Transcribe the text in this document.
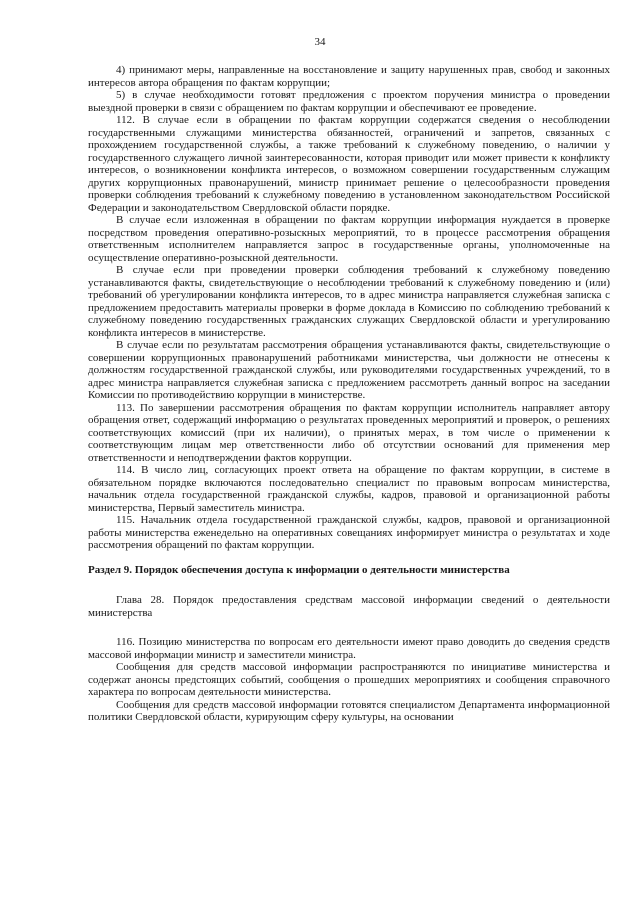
34

4) принимают меры, направленные на восстановление и защиту нарушенных прав, свобод и законных интересов автора обращения по фактам коррупции;

5) в случае необходимости готовят предложения с проектом поручения министра о проведении выездной проверки в связи с обращением по фактам коррупции и обеспечивают ее проведение.

112. В случае если в обращении по фактам коррупции содержатся сведения о несоблюдении государственными служащими министерства обязанностей, ограничений и запретов, связанных с прохождением государственной службы, а также требований к служебному поведению, о наличии у государственного служащего личной заинтересованности, которая приводит или может привести к конфликту интересов, о возникновении конфликта интересов, о возможном совершении государственным служащим других коррупционных правонарушений, министр принимает решение о целесообразности проведения проверки соблюдения требований к служебному поведению в установленном законодательством Российской Федерации и законодательством Свердловской области порядке.

В случае если изложенная в обращении по фактам коррупции информация нуждается в проверке посредством проведения оперативно-розыскных мероприятий, то в процессе рассмотрения обращения ответственным исполнителем направляется запрос в государственные органы, уполномоченные на осуществление оперативно-розыскной деятельности.

В случае если при проведении проверки соблюдения требований к служебному поведению устанавливаются факты, свидетельствующие о несоблюдении требований к служебному поведению и (или) требований об урегулировании конфликта интересов, то в адрес министра направляется служебная записка с предложением предоставить материалы проверки в форме доклада в Комиссию по соблюдению требований к служебному поведению государственных гражданских служащих Свердловской области и урегулированию конфликта интересов в министерстве.

В случае если по результатам рассмотрения обращения устанавливаются факты, свидетельствующие о совершении коррупционных правонарушений работниками министерства, чьи должности не отнесены к должностям государственной гражданской службы, или руководителями государственных учреждений, то в адрес министра направляется служебная записка с предложением рассмотреть данный вопрос на заседании Комиссии по противодействию коррупции в министерстве.

113. По завершении рассмотрения обращения по фактам коррупции исполнитель направляет автору обращения ответ, содержащий информацию о результатах проведенных мероприятий и проверок, о решениях соответствующих комиссий (при их наличии), о принятых мерах, в том числе о применении к соответствующим лицам мер ответственности либо об отсутствии оснований для применения мер ответственности и неподтверждении фактов коррупции.

114. В число лиц, согласующих проект ответа на обращение по фактам коррупции, в системе в обязательном порядке включаются последовательно специалист по правовым вопросам министерства, начальник отдела государственной гражданской службы, кадров, правовой и организационной работы министерства, Первый заместитель министра.

115. Начальник отдела государственной гражданской службы, кадров, правовой и организационной работы министерства еженедельно на оперативных совещаниях информирует министра о результатах и ходе рассмотрения обращений по фактам коррупции.

Раздел 9. Порядок обеспечения доступа к информации о деятельности министерства

Глава 28. Порядок предоставления средствам массовой информации сведений о деятельности министерства

116. Позицию министерства по вопросам его деятельности имеют право доводить до сведения средств массовой информации министр и заместители министра.

Сообщения для средств массовой информации распространяются по инициативе министерства и содержат анонсы предстоящих событий, сообщения о прошедших мероприятиях и сообщения справочного характера по вопросам деятельности министерства.

Сообщения для средств массовой информации готовятся специалистом Департамента информационной политики Свердловской области, курирующим сферу культуры, на основании
